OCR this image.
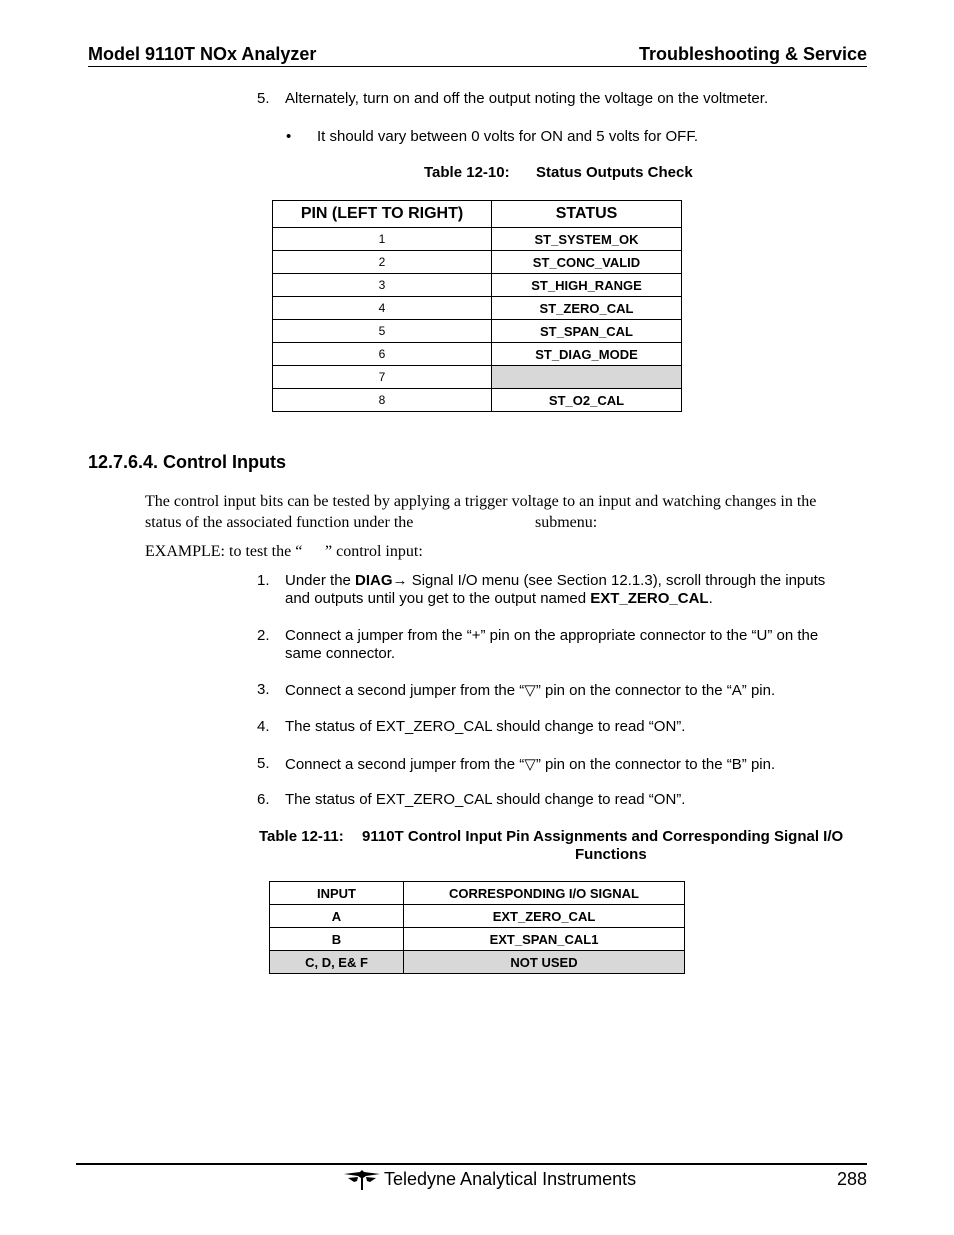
Model 9110T NOx Analyzer	Troubleshooting & Service
5. Alternately, turn on and off the output noting the voltage on the voltmeter.
• It should vary between 0 volts for ON and 5 volts for OFF.
Table 12-10: Status Outputs Check
PIN (LEFT TO RIGHT)	STATUS
1	ST_SYSTEM_OK
2	ST_CONC_VALID
3	ST_HIGH_RANGE
4	ST_ZERO_CAL
5	ST_SPAN_CAL
6	ST_DIAG_MODE
7	
8	ST_O2_CAL
12.7.6.4. Control Inputs
The control input bits can be tested by applying a trigger voltage to an input and watching changes in the
status of the associated function under the	submenu:
EXAMPLE: to test the “ ” control input:
1. Under the DIAG→ Signal I/O menu (see Section 12.1.3), scroll through the inputs
and outputs until you get to the output named EXT_ZERO_CAL.
2. Connect a jumper from the “+” pin on the appropriate connector to the “U” on the
same connector.
3. Connect a second jumper from the “▽” pin on the connector to the “A” pin.
4. The status of EXT_ZERO_CAL should change to read “ON”.
5. Connect a second jumper from the “▽” pin on the connector to the “B” pin.
6. The status of EXT_ZERO_CAL should change to read “ON”.
Table 12-11: 9110T Control Input Pin Assignments and Corresponding Signal I/O
Functions
INPUT	CORRESPONDING I/O SIGNAL
A	EXT_ZERO_CAL
B	EXT_SPAN_CAL1
C, D, E& F	NOT USED
Teledyne Analytical Instruments	288
